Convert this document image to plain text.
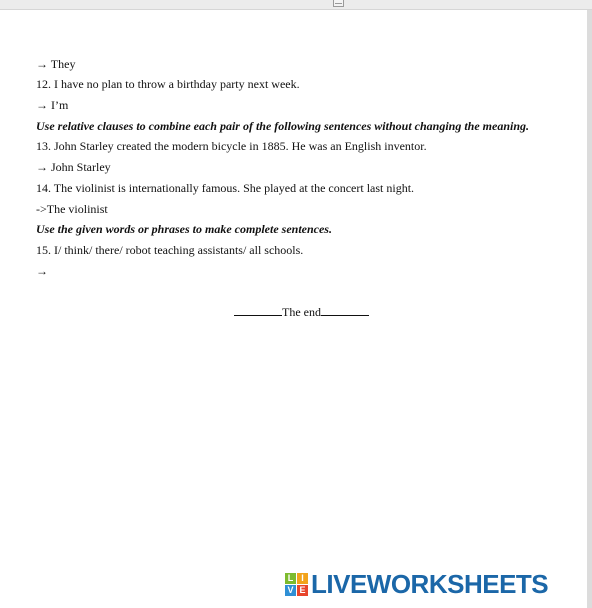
→ They
12. I have no plan to throw a birthday party next week.
→ I’m
Use relative clauses to combine each pair of the following sentences without changing the meaning.
13. John Starley created the modern bicycle in 1885. He was an English inventor.
→ John Starley
14. The violinist is internationally famous. She played at the concert last night.
->The violinist
Use the given words or phrases to make complete sentences.
15. I/ think/ there/ robot teaching assistants/ all schools.
→
The end
L I
V E LIVEWORKSHEETS
